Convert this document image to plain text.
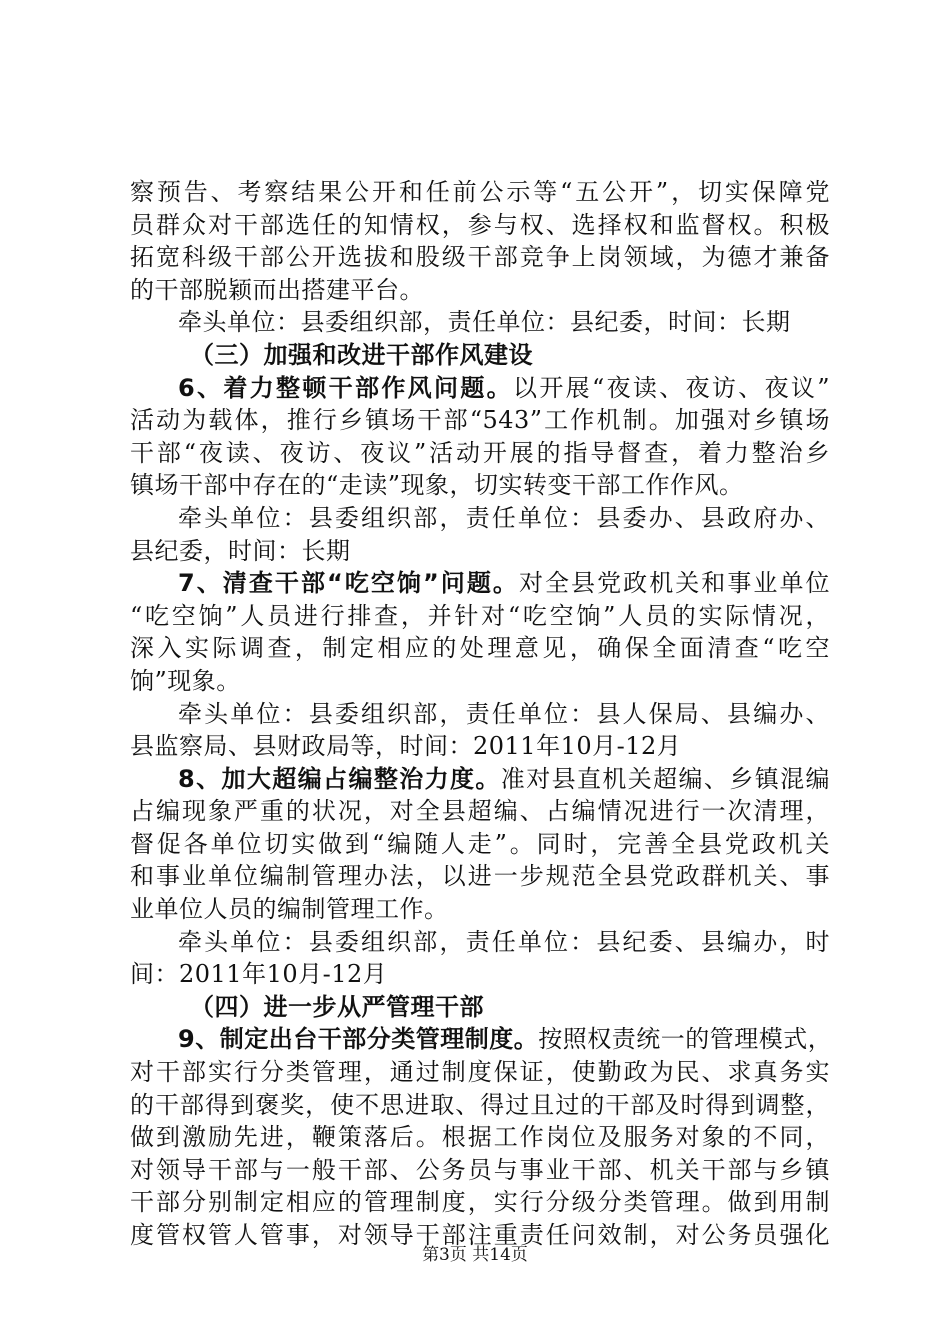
察预告、考察结果公开和任前公示等“五公开”，切实保障党
员群众对干部选任的知情权，参与权、选择权和监督权。积极
拓宽科级干部公开选拔和股级干部竞争上岗领域，为德才兼备
的干部脱颖而出搭建平台。
牵头单位：县委组织部，责任单位：县纪委，时间：长期
（三）加强和改进干部作风建设
6、着力整顿干部作风问题。以开展“夜读、夜访、夜议”
活动为载体，推行乡镇场干部“543”工作机制。加强对乡镇场
干部“夜读、夜访、夜议”活动开展的指导督查，着力整治乡
镇场干部中存在的“走读”现象，切实转变干部工作作风。
牵头单位：县委组织部，责任单位：县委办、县政府办、
县纪委，时间：长期
7、清查干部“吃空饷”问题。对全县党政机关和事业单位
“吃空饷”人员进行排查，并针对“吃空饷”人员的实际情况，
深入实际调查，制定相应的处理意见，确保全面清查“吃空
饷”现象。
牵头单位：县委组织部，责任单位：县人保局、县编办、
县监察局、县财政局等，时间：2011年10月-12月
8、加大超编占编整治力度。准对县直机关超编、乡镇混编
占编现象严重的状况，对全县超编、占编情况进行一次清理，
督促各单位切实做到“编随人走”。同时，完善全县党政机关
和事业单位编制管理办法，以进一步规范全县党政群机关、事
业单位人员的编制管理工作。
牵头单位：县委组织部，责任单位：县纪委、县编办，时
间：2011年10月-12月
（四）进一步从严管理干部
9、制定出台干部分类管理制度。按照权责统一的管理模式，
对干部实行分类管理，通过制度保证，使勤政为民、求真务实
的干部得到褒奖，使不思进取、得过且过的干部及时得到调整，
做到激励先进，鞭策落后。根据工作岗位及服务对象的不同，
对领导干部与一般干部、公务员与事业干部、机关干部与乡镇
干部分别制定相应的管理制度，实行分级分类管理。做到用制
度管权管人管事，对领导干部注重责任问效制，对公务员强化
第3页 共14页
